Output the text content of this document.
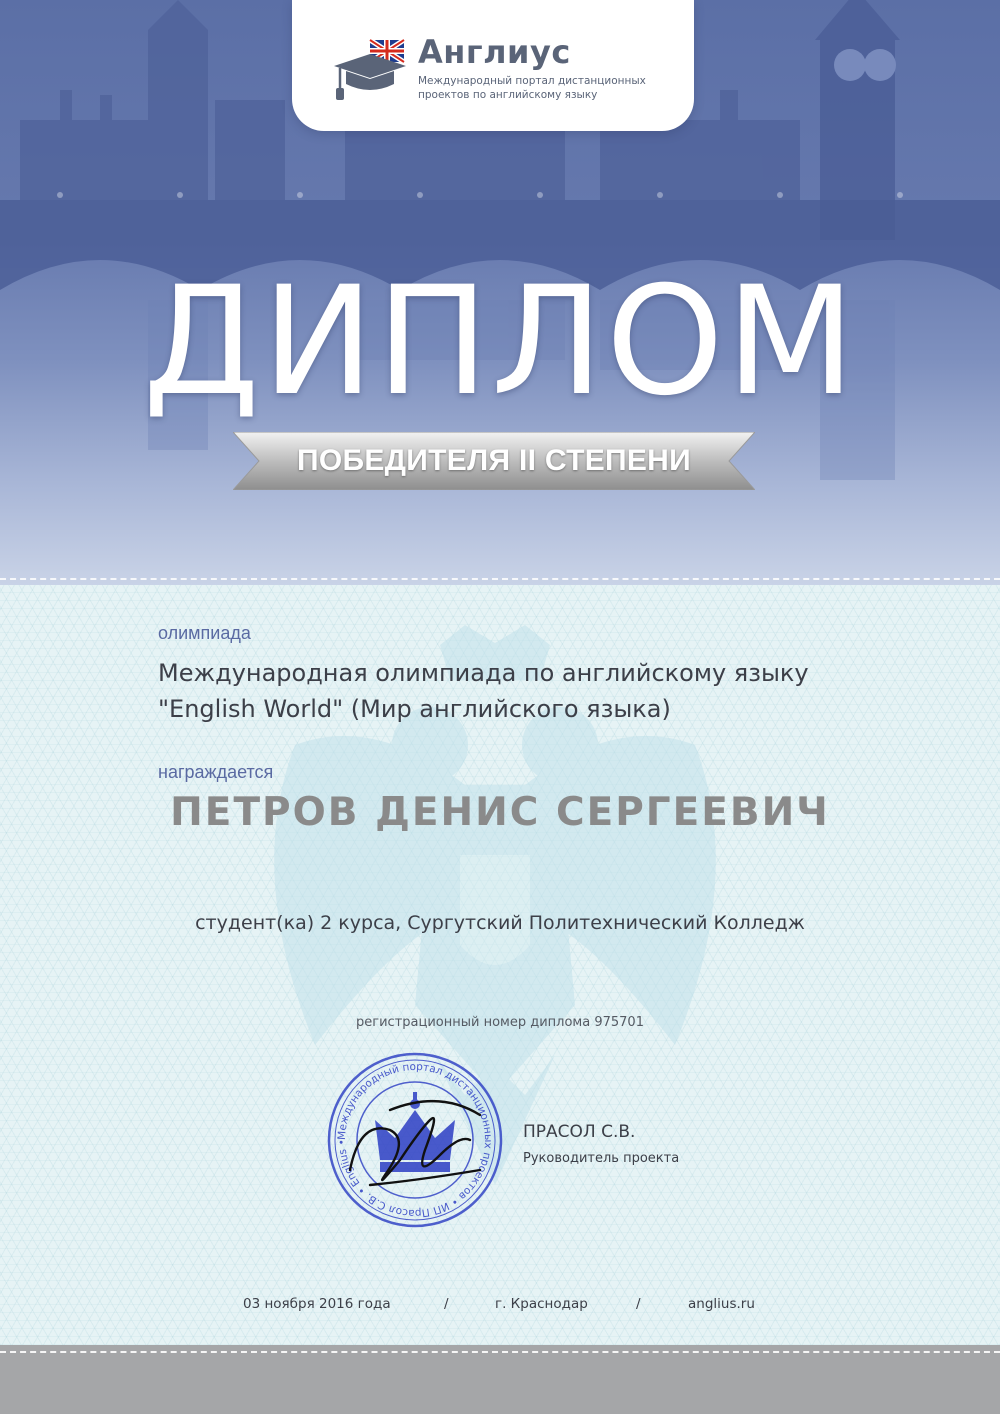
Англиус
Международный портал дистанционных проектов по английскому языку
ДИПЛОМ
ПОБЕДИТЕЛЯ II СТЕПЕНИ
олимпиада
Международная олимпиада по английскому языку
"English World" (Мир английского языка)
награждается
ПЕТРОВ ДЕНИС СЕРГЕЕВИЧ
студент(ка) 2 курса, Сургутский Политехнический Колледж
регистрационный номер диплома 975701
Международный портал дистанционных проектов • ИП Прасол С.В. • Englius •
ПРАСОЛ С.В.
Руководитель проекта
03 ноября 2016 года	/	г. Краснодар	/	anglius.ru
